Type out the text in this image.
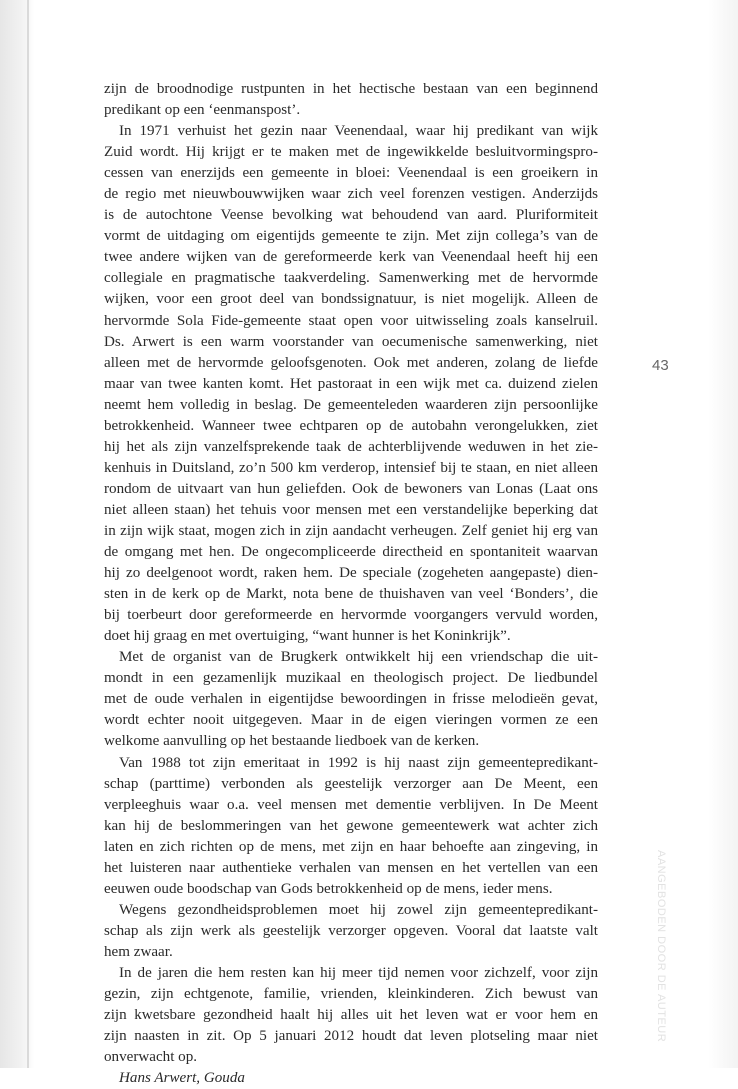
AANGEBODEN DOOR DE AUTEUR
43
zijn de broodnodige rustpunten in het hectische bestaan van een beginnend
predikant op een ‘eenmanspost’.
In 1971 verhuist het gezin naar Veenendaal, waar hij predikant van wijk
Zuid wordt. Hij krijgt er te maken met de ingewikkelde besluitvormingspro-
cessen van enerzijds een gemeente in bloei: Veenendaal is een groeikern in
de regio met nieuwbouwwijken waar zich veel forenzen vestigen. Anderzijds
is de autochtone Veense bevolking wat behoudend van aard. Pluriformiteit
vormt de uitdaging om eigentijds gemeente te zijn. Met zijn collega’s van de
twee andere wijken van de gereformeerde kerk van Veenendaal heeft hij een
collegiale en pragmatische taakverdeling. Samenwerking met de hervormde
wijken, voor een groot deel van bondssignatuur, is niet mogelijk. Alleen de
hervormde Sola Fide-gemeente staat open voor uitwisseling zoals kanselruil.
Ds. Arwert is een warm voorstander van oecumenische samenwerking, niet
alleen met de hervormde geloofsgenoten. Ook met anderen, zolang de liefde
maar van twee kanten komt. Het pastoraat in een wijk met ca. duizend zielen
neemt hem volledig in beslag. De gemeenteleden waarderen zijn persoonlijke
betrokkenheid. Wanneer twee echtparen op de autobahn verongelukken, ziet
hij het als zijn vanzelfsprekende taak de achterblijvende weduwen in het zie-
kenhuis in Duitsland, zo’n 500 km verderop, intensief bij te staan, en niet alleen
rondom de uitvaart van hun geliefden. Ook de bewoners van Lonas (Laat ons
niet alleen staan) het tehuis voor mensen met een verstandelijke beperking dat
in zijn wijk staat, mogen zich in zijn aandacht verheugen. Zelf geniet hij erg van
de omgang met hen. De ongecompliceerde directheid en spontaniteit waarvan
hij zo deelgenoot wordt, raken hem. De speciale (zogeheten aangepaste) dien-
sten in de kerk op de Markt, nota bene de thuishaven van veel ‘Bonders’, die
bij toerbeurt door gereformeerde en hervormde voorgangers vervuld worden,
doet hij graag en met overtuiging, “want hunner is het Koninkrijk”.
Met de organist van de Brugkerk ontwikkelt hij een vriendschap die uit-
mondt in een gezamenlijk muzikaal en theologisch project. De liedbundel
met de oude verhalen in eigentijdse bewoordingen in frisse melodieën gevat,
wordt echter nooit uitgegeven. Maar in de eigen vieringen vormen ze een
welkome aanvulling op het bestaande liedboek van de kerken.
Van 1988 tot zijn emeritaat in 1992 is hij naast zijn gemeentepredikant-
schap (parttime) verbonden als geestelijk verzorger aan De Meent, een
verpleeghuis waar o.a. veel mensen met dementie verblijven. In De Meent
kan hij de beslommeringen van het gewone gemeentewerk wat achter zich
laten en zich richten op de mens, met zijn en haar behoefte aan zingeving, in
het luisteren naar authentieke verhalen van mensen en het vertellen van een
eeuwen oude boodschap van Gods betrokkenheid op de mens, ieder mens.
Wegens gezondheidsproblemen moet hij zowel zijn gemeentepredikant-
schap als zijn werk als geestelijk verzorger opgeven. Vooral dat laatste valt
hem zwaar.
In de jaren die hem resten kan hij meer tijd nemen voor zichzelf, voor zijn
gezin, zijn echtgenote, familie, vrienden, kleinkinderen. Zich bewust van
zijn kwetsbare gezondheid haalt hij alles uit het leven wat er voor hem en
zijn naasten in zit. Op 5 januari 2012 houdt dat leven plotseling maar niet
onverwacht op.
Hans Arwert, Gouda
